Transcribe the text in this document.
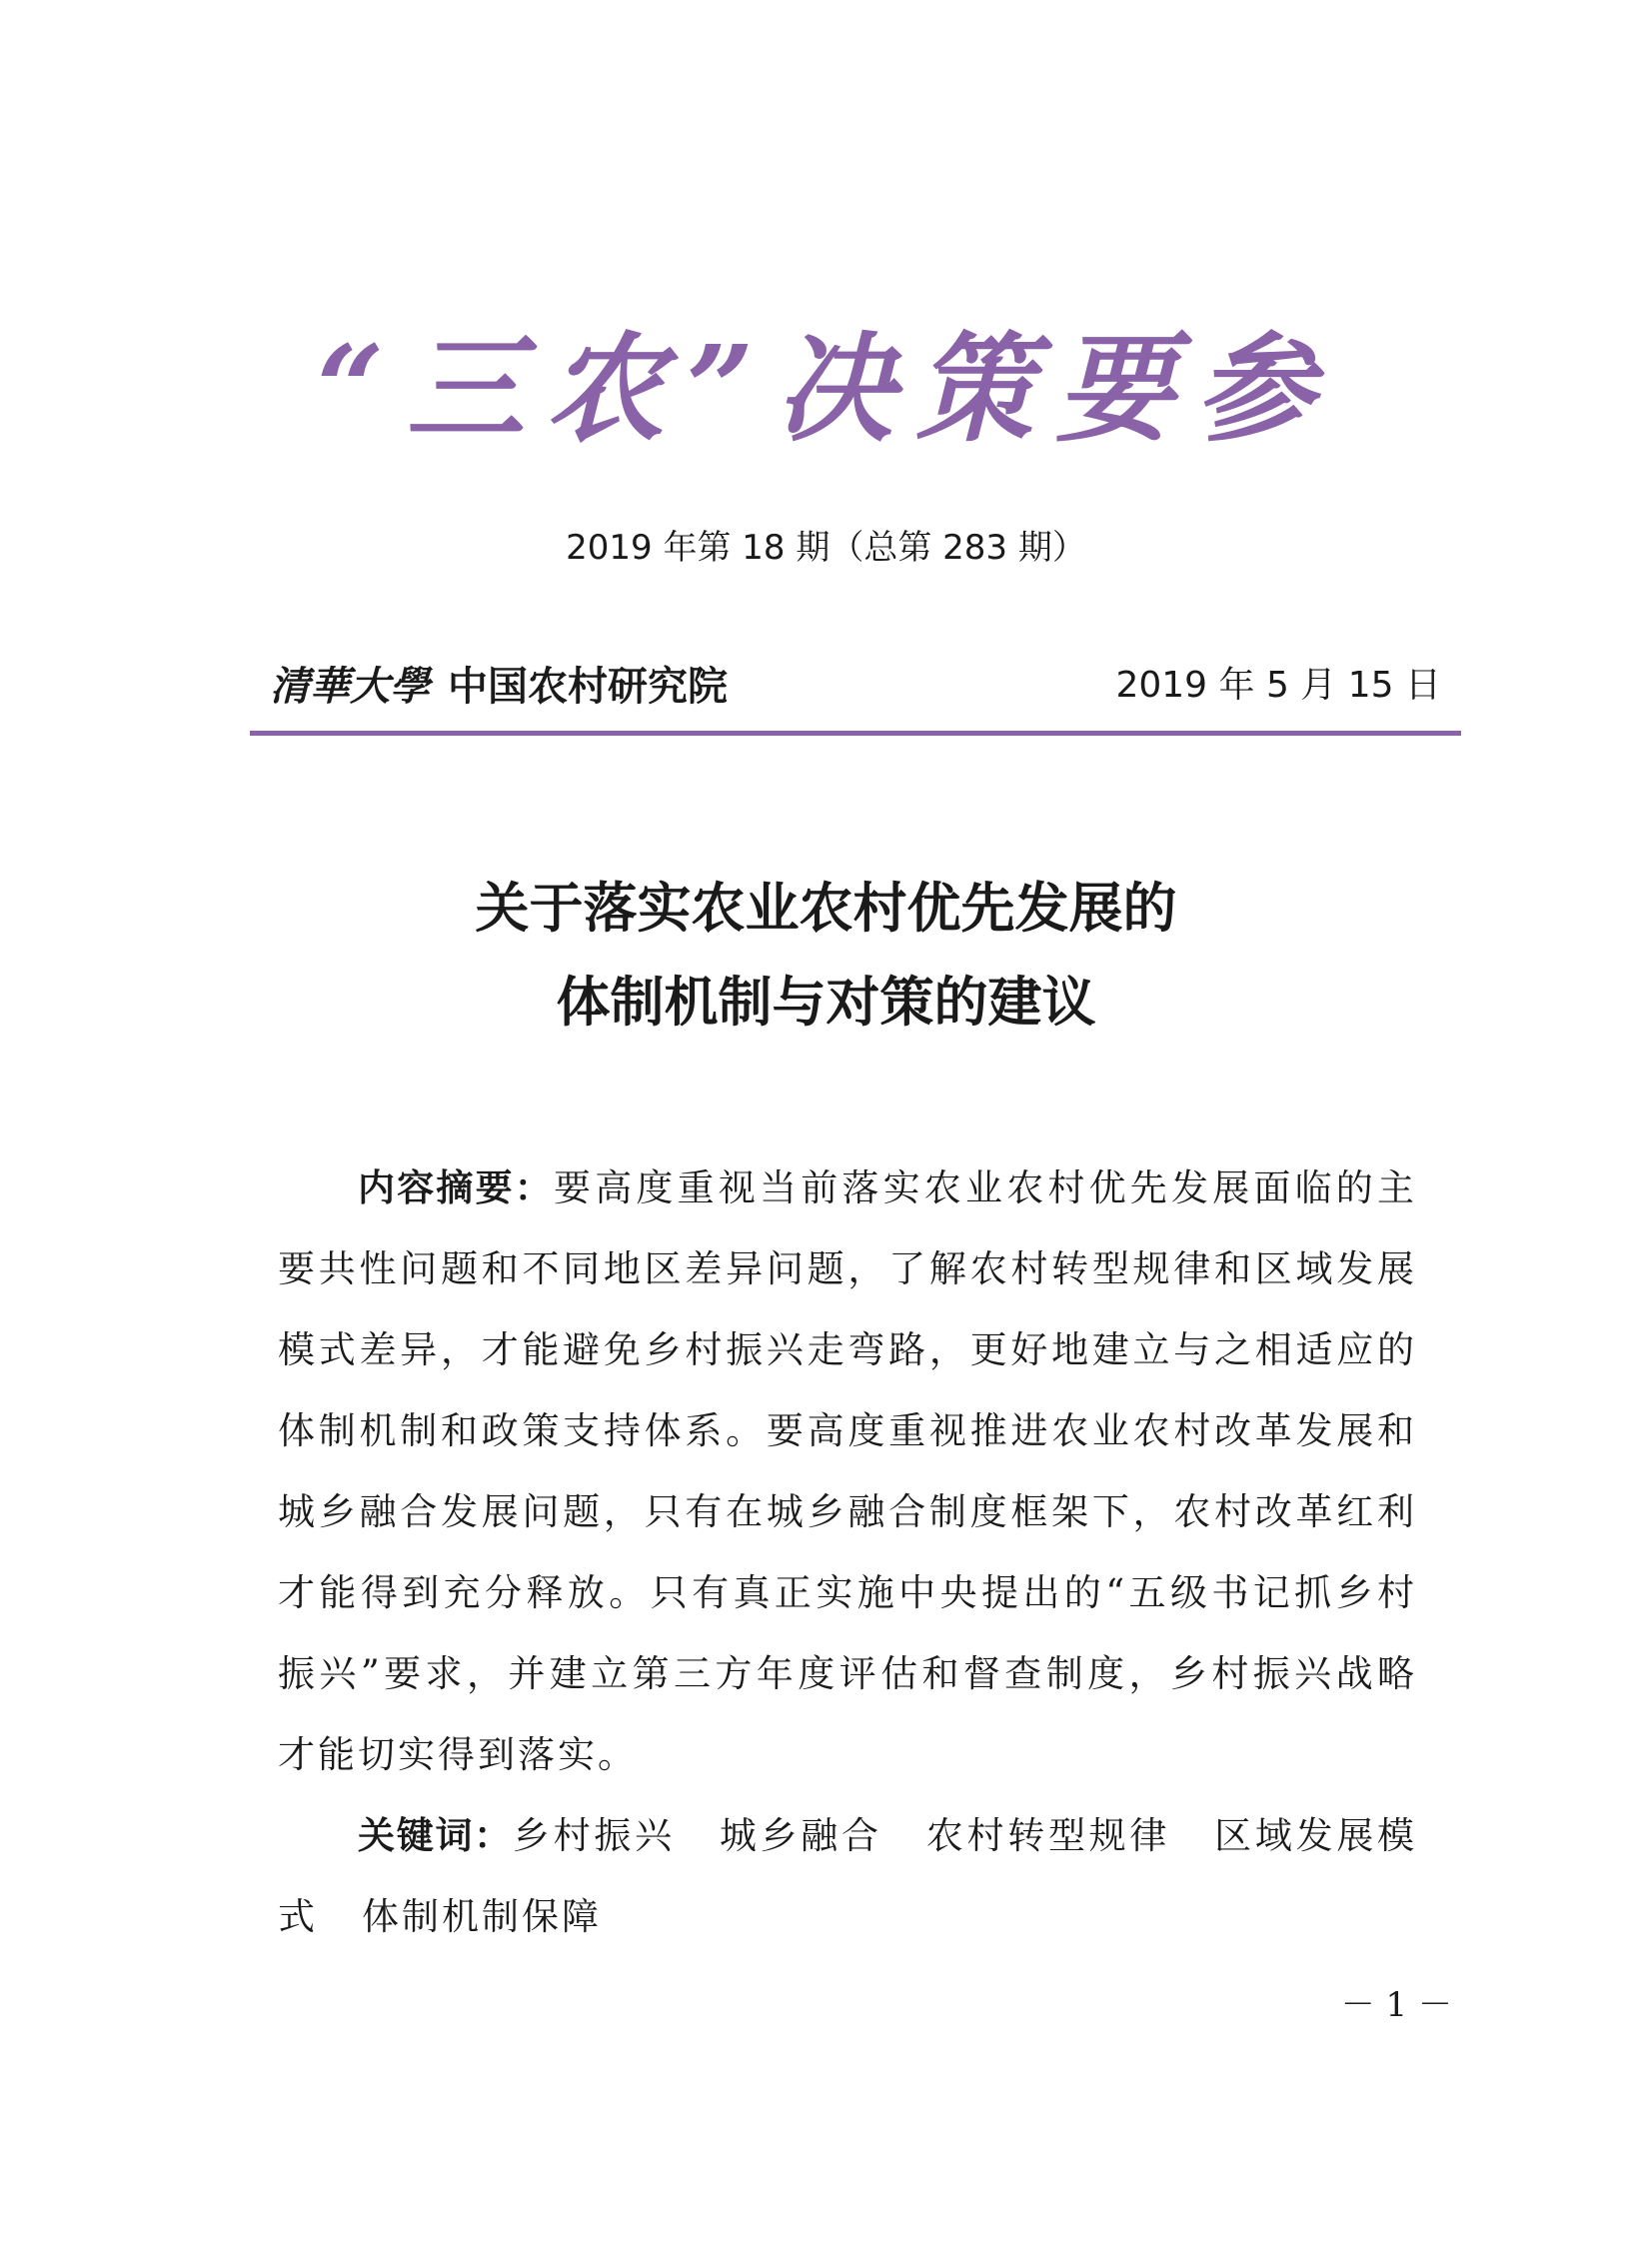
“三农”决策要参
2019 年第 18 期（总第 283 期）
清華大學 中国农村研究院	2019 年 5 月 15 日
关于落实农业农村优先发展的
体制机制与对策的建议

内容摘要：要高度重视当前落实农业农村优先发展面临的主要共性问题和不同地区差异问题，了解农村转型规律和区域发展模式差异，才能避免乡村振兴走弯路，更好地建立与之相适应的体制机制和政策支持体系。要高度重视推进农业农村改革发展和城乡融合发展问题，只有在城乡融合制度框架下，农村改革红利才能得到充分释放。只有真正实施中央提出的“五级书记抓乡村振兴”要求，并建立第三方年度评估和督查制度，乡村振兴战略才能切实得到落实。

关键词：乡村振兴 城乡融合 农村转型规律 区域发展模式 体制机制保障

－ 1 －
